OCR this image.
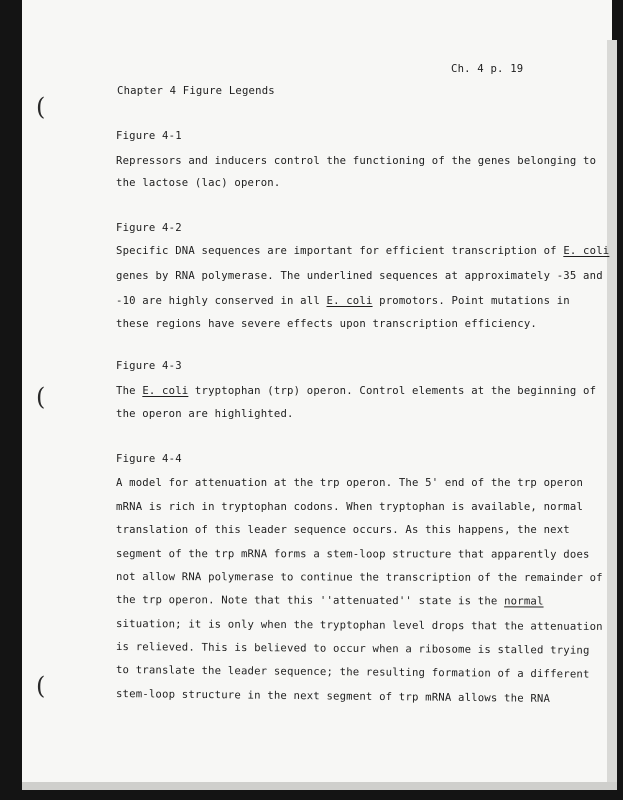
(
(
(

Ch. 4 p. 19

Chapter 4 Figure Legends

Figure 4-1

Repressors and inducers control the functioning of the genes belonging to

the lactose (lac) operon.

Figure 4-2

Specific DNA sequences are important for efficient transcription of E. coli

genes by RNA polymerase. The underlined sequences at approximately -35 and

-10 are highly conserved in all E. coli promotors. Point mutations in

these regions have severe effects upon transcription efficiency.

Figure 4-3

The E. coli tryptophan (trp) operon. Control elements at the beginning of

the operon are highlighted.

Figure 4-4

A model for attenuation at the trp operon. The 5' end of the trp operon

mRNA is rich in tryptophan codons. When tryptophan is available, normal

translation of this leader sequence occurs. As this happens, the next

segment of the trp mRNA forms a stem-loop structure that apparently does

not allow RNA polymerase to continue the transcription of the remainder of

the trp operon. Note that this ''attenuated'' state is the normal

situation; it is only when the tryptophan level drops that the attenuation

is relieved. This is believed to occur when a ribosome is stalled trying

to translate the leader sequence; the resulting formation of a different

stem-loop structure in the next segment of trp mRNA allows the RNA
